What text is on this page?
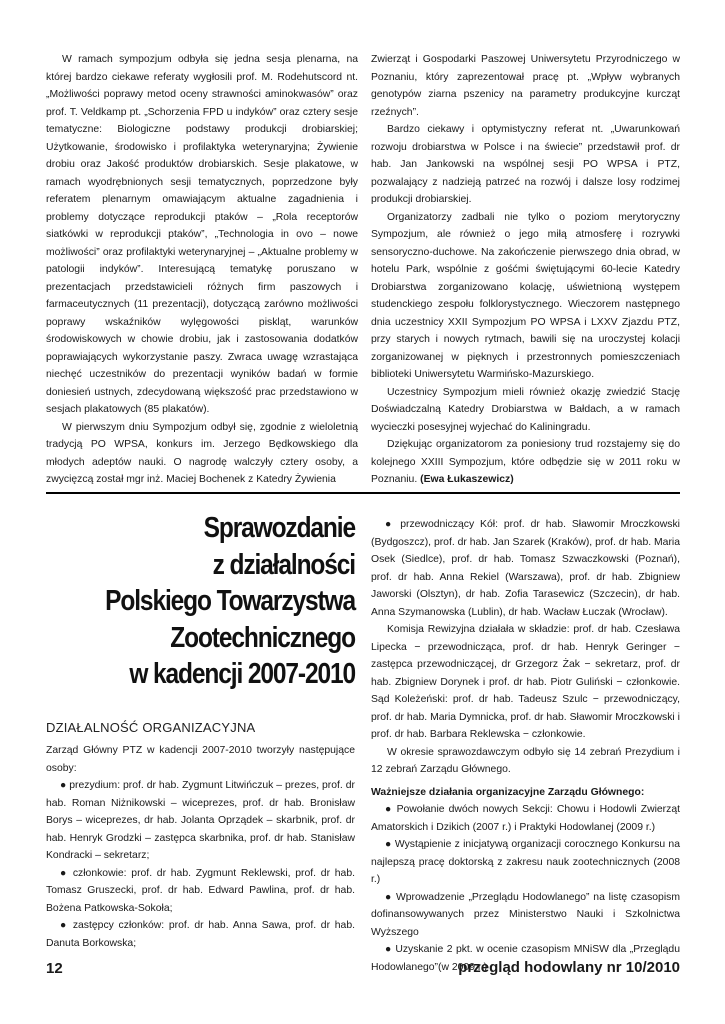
W ramach sympozjum odbyła się jedna sesja plenarna, na której bardzo ciekawe referaty wygłosili prof. M. Rodehutscord nt. „Możliwości poprawy metod oceny strawności aminokwasów” oraz prof. T. Veldkamp pt. „Schorzenia FPD u indyków” oraz cztery sesje tematyczne: Biologiczne podstawy produkcji drobiarskiej; Użytkowanie, środowisko i profilaktyka weterynaryjna; Żywienie drobiu oraz Jakość produktów drobiarskich. Sesje plakatowe, w ramach wyodrębnionych sesji tematycznych, poprzedzone były referatem plenarnym omawiającym aktualne zagadnienia i problemy dotyczące reprodukcji ptaków – „Rola receptorów siatkówki w reprodukcji ptaków”, „Technologia in ovo – nowe możliwości” oraz profilaktyki weterynaryjnej – „Aktualne problemy w patologii indyków”. Interesującą tematykę poruszano w prezentacjach przedstawicieli różnych firm paszowych i farmaceutycznych (11 prezentacji), dotyczącą zarówno możliwości poprawy wskaźników wylęgowości piskląt, warunków środowiskowych w chowie drobiu, jak i zastosowania dodatków poprawiających wykorzystanie paszy. Zwraca uwagę wzrastająca niechęć uczestników do prezentacji wyników badań w formie doniesień ustnych, zdecydowaną większość prac przedstawiono w sesjach plakatowych (85 plakatów).

W pierwszym dniu Sympozjum odbył się, zgodnie z wieloletnią tradycją PO WPSA, konkurs im. Jerzego Będkowskiego dla młodych adeptów nauki. O nagrodę walczyły cztery osoby, a zwycięzcą został mgr inż. Maciej Bochenek z Katedry Żywienia

Zwierząt i Gospodarki Paszowej Uniwersytetu Przyrodniczego w Poznaniu, który zaprezentował pracę pt. „Wpływ wybranych genotypów ziarna pszenicy na parametry produkcyjne kurcząt rzeźnych”.

Bardzo ciekawy i optymistyczny referat nt. „Uwarunkowań rozwoju drobiarstwa w Polsce i na świecie” przedstawił prof. dr hab. Jan Jankowski na wspólnej sesji PO WPSA i PTZ, pozwalający z nadzieją patrzeć na rozwój i dalsze losy rodzimej produkcji drobiarskiej.

Organizatorzy zadbali nie tylko o poziom merytoryczny Sympozjum, ale również o jego miłą atmosferę i rozrywki sensoryczno-duchowe. Na zakończenie pierwszego dnia obrad, w hotelu Park, wspólnie z gośćmi świętującymi 60-lecie Katedry Drobiarstwa zorganizowano kolację, uświetnioną występem studenckiego zespołu folklorystycznego. Wieczorem następnego dnia uczestnicy XXII Sympozjum PO WPSA i LXXV Zjazdu PTZ, przy starych i nowych rytmach, bawili się na uroczystej kolacji zorganizowanej w pięknych i przestronnych pomieszczeniach biblioteki Uniwersytetu Warmińsko-Mazurskiego.

Uczestnicy Sympozjum mieli również okazję zwiedzić Stację Doświadczalną Katedry Drobiarstwa w Bałdach, a w ramach wycieczki posesyjnej wyjechać do Kaliningradu.

Dziękując organizatorom za poniesiony trud rozstajemy się do kolejnego XXIII Sympozjum, które odbędzie się w 2011 roku w Poznaniu. (Ewa Łukaszewicz)

Sprawozdanie
z działalności
Polskiego Towarzystwa
Zootechnicznego
w kadencji 2007-2010
DZIAŁALNOŚĆ ORGANIZACYJNA

Zarząd Główny PTZ w kadencji 2007-2010 tworzyły następujące osoby:

● prezydium: prof. dr hab. Zygmunt Litwińczuk – prezes, prof. dr hab. Roman Niżnikowski – wiceprezes, prof. dr hab. Bronisław Borys – wiceprezes, dr hab. Jolanta Oprządek – skarbnik, prof. dr hab. Henryk Grodzki – zastępca skarbnika, prof. dr hab. Stanisław Kondracki – sekretarz;

● członkowie: prof. dr hab. Zygmunt Reklewski, prof. dr hab. Tomasz Gruszecki, prof. dr hab. Edward Pawlina, prof. dr hab. Bożena Patkowska-Sokoła;

● zastępcy członków: prof. dr hab. Anna Sawa, prof. dr hab. Danuta Borkowska;

● przewodniczący Kół: prof. dr hab. Sławomir Mroczkowski (Bydgoszcz), prof. dr hab. Jan Szarek (Kraków), prof. dr hab. Maria Osek (Siedlce), prof. dr hab. Tomasz Szwaczkowski (Poznań), prof. dr hab. Anna Rekiel (Warszawa), prof. dr hab. Zbigniew Jaworski (Olsztyn), dr hab. Zofia Tarasewicz (Szczecin), dr hab. Anna Szymanowska (Lublin), dr hab. Wacław Łuczak (Wrocław).

Komisja Rewizyjna działała w składzie: prof. dr hab. Czesława Lipecka − przewodnicząca, prof. dr hab. Henryk Geringer − zastępca przewodniczącej, dr Grzegorz Żak − sekretarz, prof. dr hab. Zbigniew Dorynek i prof. dr hab. Piotr Guliński − członkowie. Sąd Koleżeński: prof. dr hab. Tadeusz Szulc − przewodniczący, prof. dr hab. Maria Dymnicka, prof. dr hab. Sławomir Mroczkowski i prof. dr hab. Barbara Reklewska − członkowie.

W okresie sprawozdawczym odbyło się 14 zebrań Prezydium i 12 zebrań Zarządu Głównego.

Ważniejsze działania organizacyjne Zarządu Głównego:

● Powołanie dwóch nowych Sekcji: Chowu i Hodowli Zwierząt Amatorskich i Dzikich (2007 r.) i Praktyki Hodowlanej (2009 r.)

● Wystąpienie z inicjatywą organizacji corocznego Konkursu na najlepszą pracę doktorską z zakresu nauk zootechnicznych (2008 r.)

● Wprowadzenie „Przeglądu Hodowlanego” na listę czasopism dofinansowywanych przez Ministerstwo Nauki i Szkolnictwa Wyższego

● Uzyskanie 2 pkt. w ocenie czasopism MNiSW dla „Przeglądu Hodowlanego”(w 2009 r.)

12	przegląd hodowlany nr 10/2010
